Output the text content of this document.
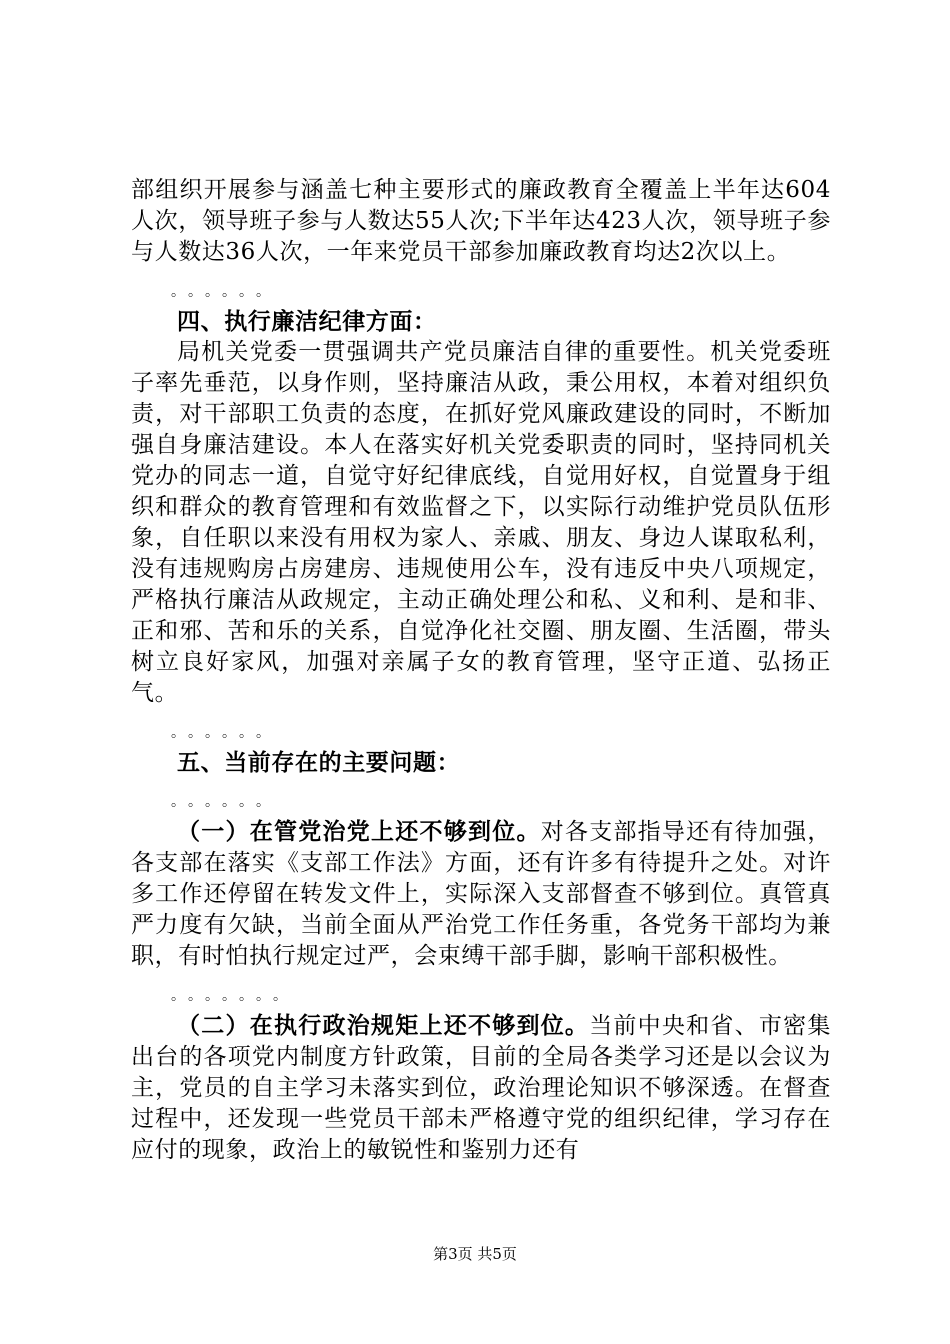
部组织开展参与涵盖七种主要形式的廉政教育全覆盖上半年达604人次，领导班子参与人数达55人次;下半年达423人次，领导班子参与人数达36人次，一年来党员干部参加廉政教育均达2次以上。

。。。。。。

四、执行廉洁纪律方面：

局机关党委一贯强调共产党员廉洁自律的重要性。机关党委班子率先垂范，以身作则，坚持廉洁从政，秉公用权，本着对组织负责，对干部职工负责的态度，在抓好党风廉政建设的同时，不断加强自身廉洁建设。本人在落实好机关党委职责的同时，坚持同机关党办的同志一道，自觉守好纪律底线，自觉用好权，自觉置身于组织和群众的教育管理和有效监督之下，以实际行动维护党员队伍形象，自任职以来没有用权为家人、亲戚、朋友、身边人谋取私利，没有违规购房占房建房、违规使用公车，没有违反中央八项规定，严格执行廉洁从政规定，主动正确处理公和私、义和利、是和非、正和邪、苦和乐的关系，自觉净化社交圈、朋友圈、生活圈，带头树立良好家风，加强对亲属子女的教育管理，坚守正道、弘扬正气。

。。。。。。

五、当前存在的主要问题：

。。。。。。

（一）在管党治党上还不够到位。对各支部指导还有待加强，各支部在落实《支部工作法》方面，还有许多有待提升之处。对许多工作还停留在转发文件上，实际深入支部督查不够到位。真管真严力度有欠缺，当前全面从严治党工作任务重，各党务干部均为兼职，有时怕执行规定过严，会束缚干部手脚，影响干部积极性。

。。。。。。。

（二）在执行政治规矩上还不够到位。当前中央和省、市密集出台的各项党内制度方针政策，目前的全局各类学习还是以会议为主，党员的自主学习未落实到位，政治理论知识不够深透。在督查过程中，还发现一些党员干部未严格遵守党的组织纪律，学习存在应付的现象，政治上的敏锐性和鉴别力还有

第3页 共5页
